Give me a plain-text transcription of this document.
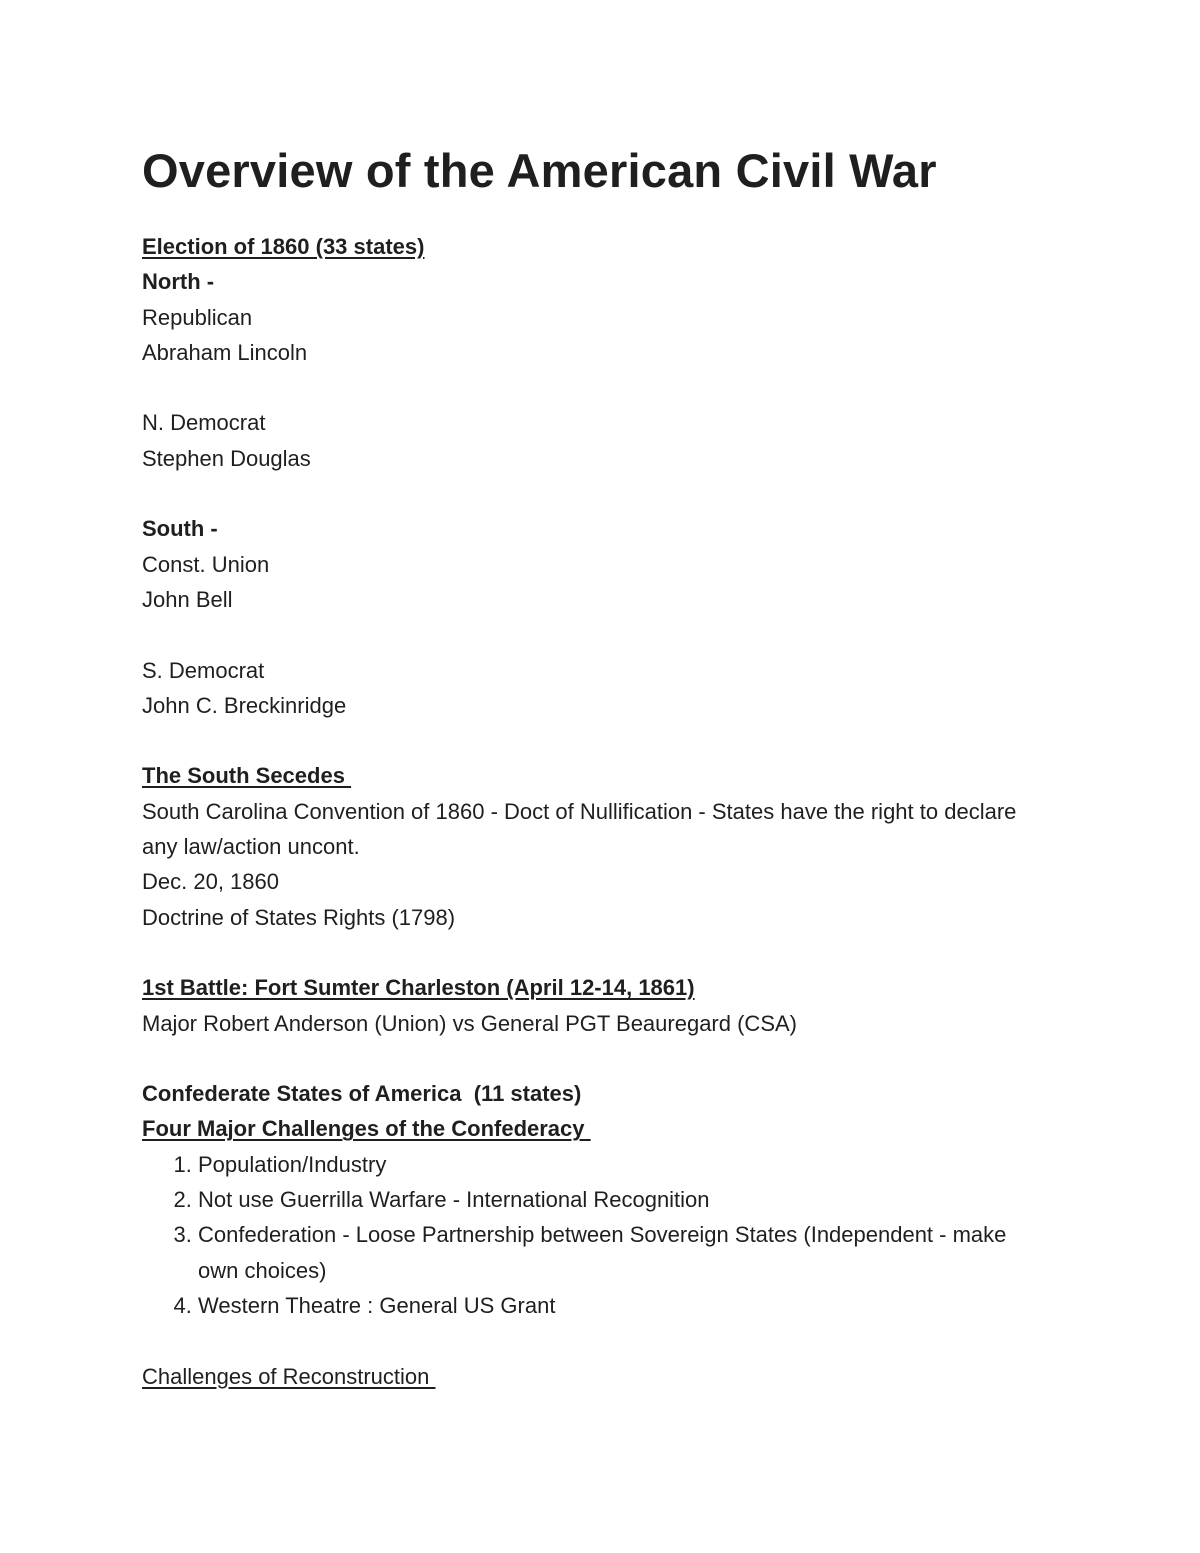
Overview of the American Civil War
Election of 1860 (33 states)
North -
Republican
Abraham Lincoln
N. Democrat
Stephen Douglas
South -
Const. Union
John Bell
S. Democrat
John C. Breckinridge
The South Secedes
South Carolina Convention of 1860 - Doct of Nullification - States have the right to declare any law/action uncont.
Dec. 20, 1860
Doctrine of States Rights (1798)
1st Battle: Fort Sumter Charleston (April 12-14, 1861)
Major Robert Anderson (Union) vs General PGT Beauregard (CSA)
Confederate States of America  (11 states)
Four Major Challenges of the Confederacy
1. Population/Industry
2. Not use Guerrilla Warfare - International Recognition
3. Confederation - Loose Partnership between Sovereign States (Independent - make own choices)
4. Western Theatre : General US Grant
Challenges of Reconstruction
